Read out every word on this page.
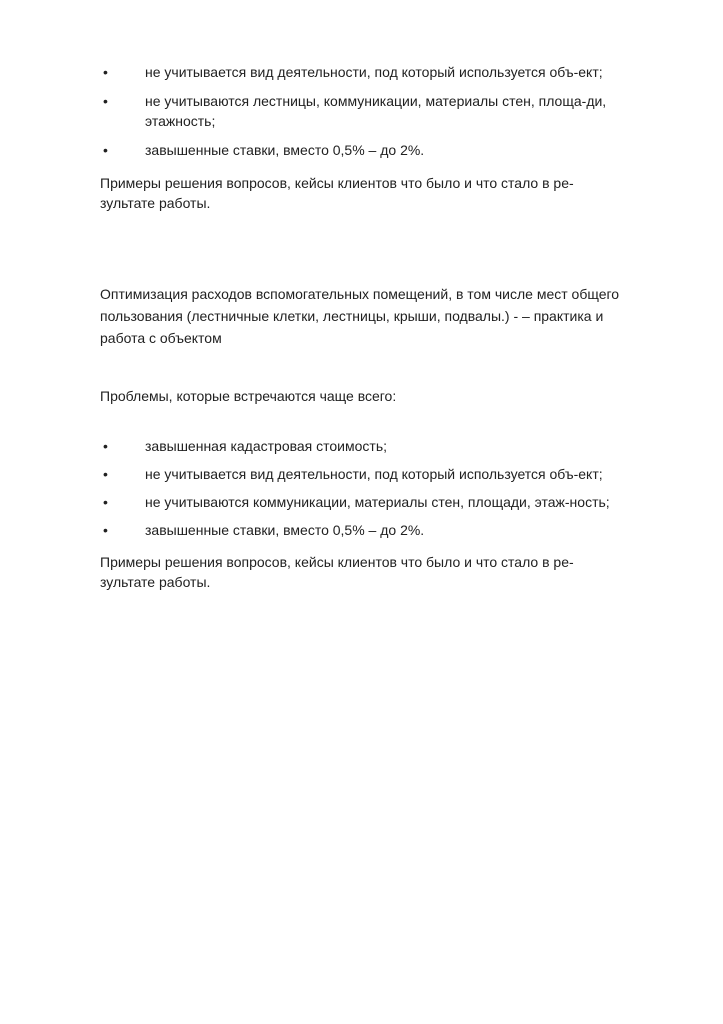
• не учитывается вид деятельности, под который используется объ-ект;
• не учитываются лестницы, коммуникации, материалы стен, площа-ди, этажность;
• завышенные ставки, вместо 0,5% – до 2%.

Примеры решения вопросов, кейсы клиентов что было и что стало в ре-зультате работы.

Оптимизация расходов вспомогательных помещений, в том числе мест общего пользования (лестничные клетки, лестницы, крыши, подвалы.) - – практика и работа с объектом

Проблемы, которые встречаются чаще всего:

• завышенная кадастровая стоимость;
• не учитывается вид деятельности, под который используется объ-ект;
• не учитываются коммуникации, материалы стен, площади, этаж-ность;
• завышенные ставки, вместо 0,5% – до 2%.

Примеры решения вопросов, кейсы клиентов что было и что стало в ре-зультате работы.
